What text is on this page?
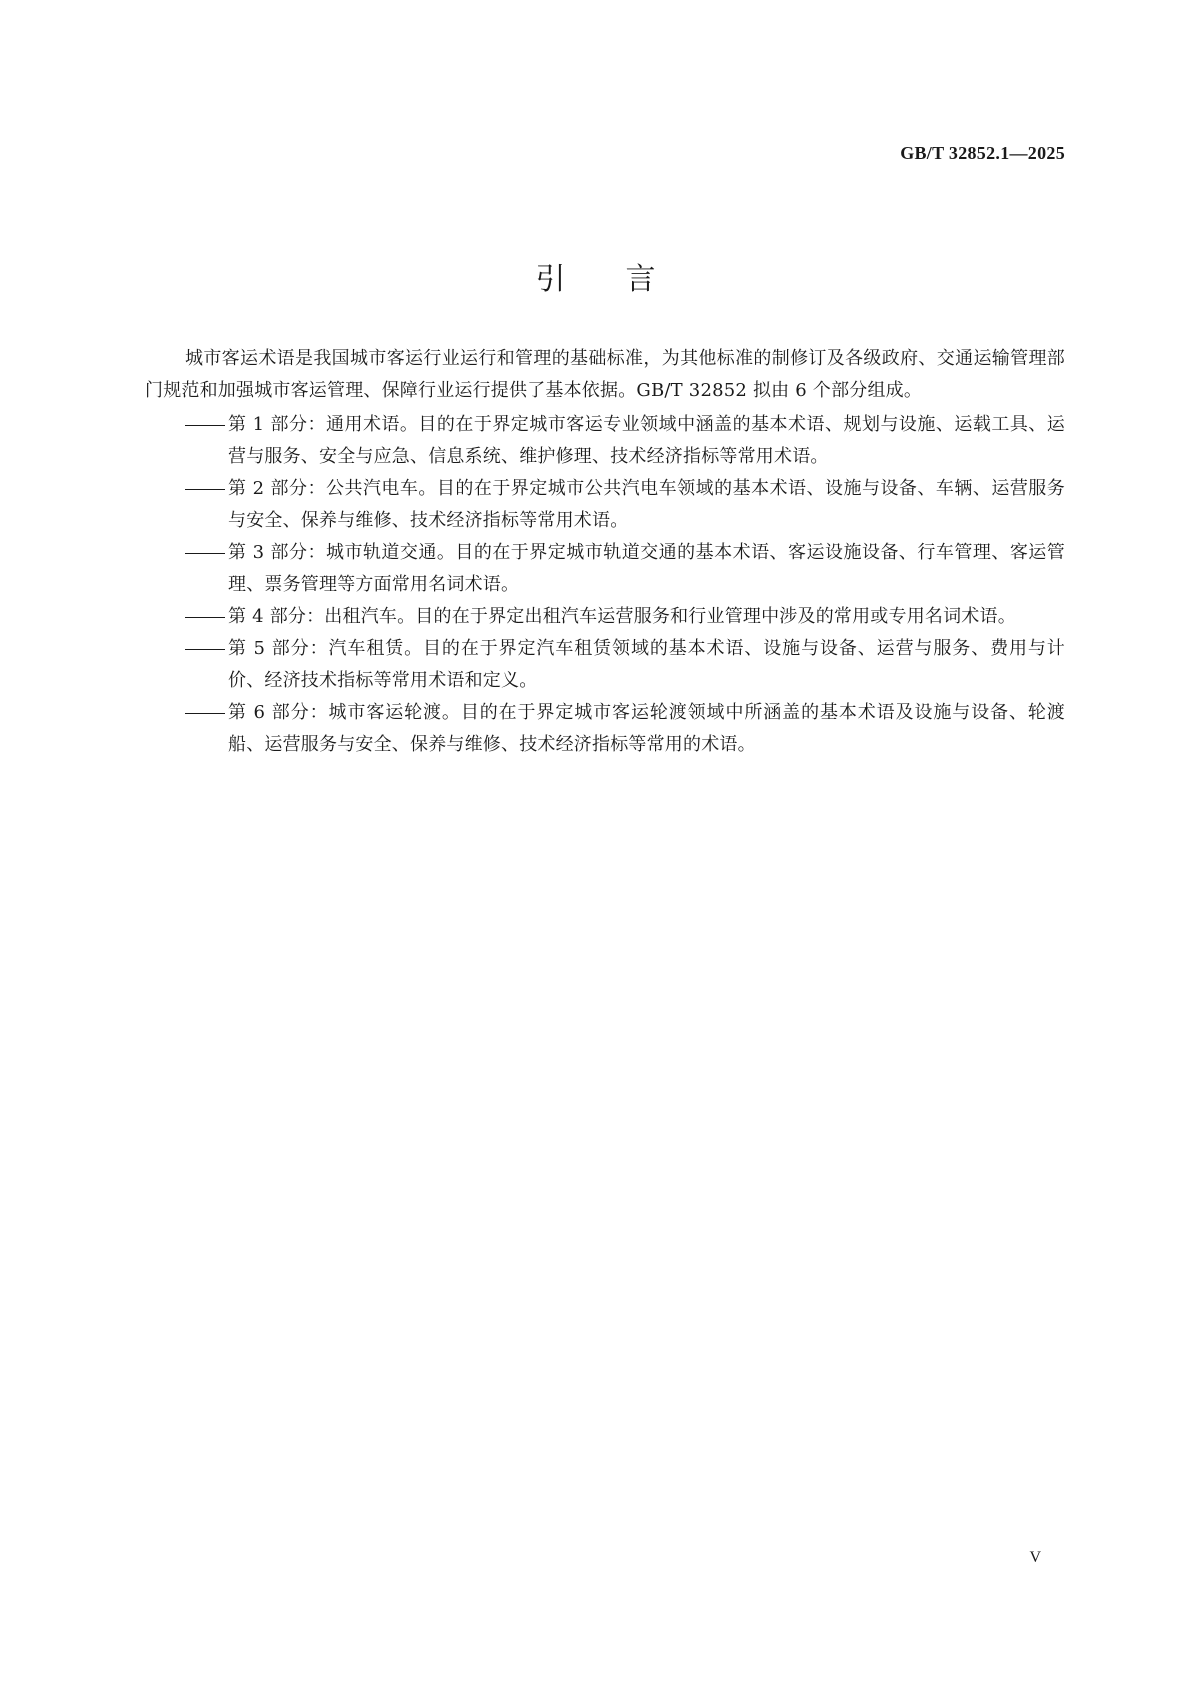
GB/T 32852.1—2025
引言

城市客运术语是我国城市客运行业运行和管理的基础标准，为其他标准的制修订及各级政府、交通运输管理部门规范和加强城市客运管理、保障行业运行提供了基本依据。GB/T 32852 拟由 6 个部分组成。

第 1 部分：通用术语。目的在于界定城市客运专业领域中涵盖的基本术语、规划与设施、运载工具、运营与服务、安全与应急、信息系统、维护修理、技术经济指标等常用术语。
第 2 部分：公共汽电车。目的在于界定城市公共汽电车领域的基本术语、设施与设备、车辆、运营服务与安全、保养与维修、技术经济指标等常用术语。
第 3 部分：城市轨道交通。目的在于界定城市轨道交通的基本术语、客运设施设备、行车管理、客运管理、票务管理等方面常用名词术语。
第 4 部分：出租汽车。目的在于界定出租汽车运营服务和行业管理中涉及的常用或专用名词术语。
第 5 部分：汽车租赁。目的在于界定汽车租赁领域的基本术语、设施与设备、运营与服务、费用与计价、经济技术指标等常用术语和定义。
第 6 部分：城市客运轮渡。目的在于界定城市客运轮渡领域中所涵盖的基本术语及设施与设备、轮渡船、运营服务与安全、保养与维修、技术经济指标等常用的术语。
V
